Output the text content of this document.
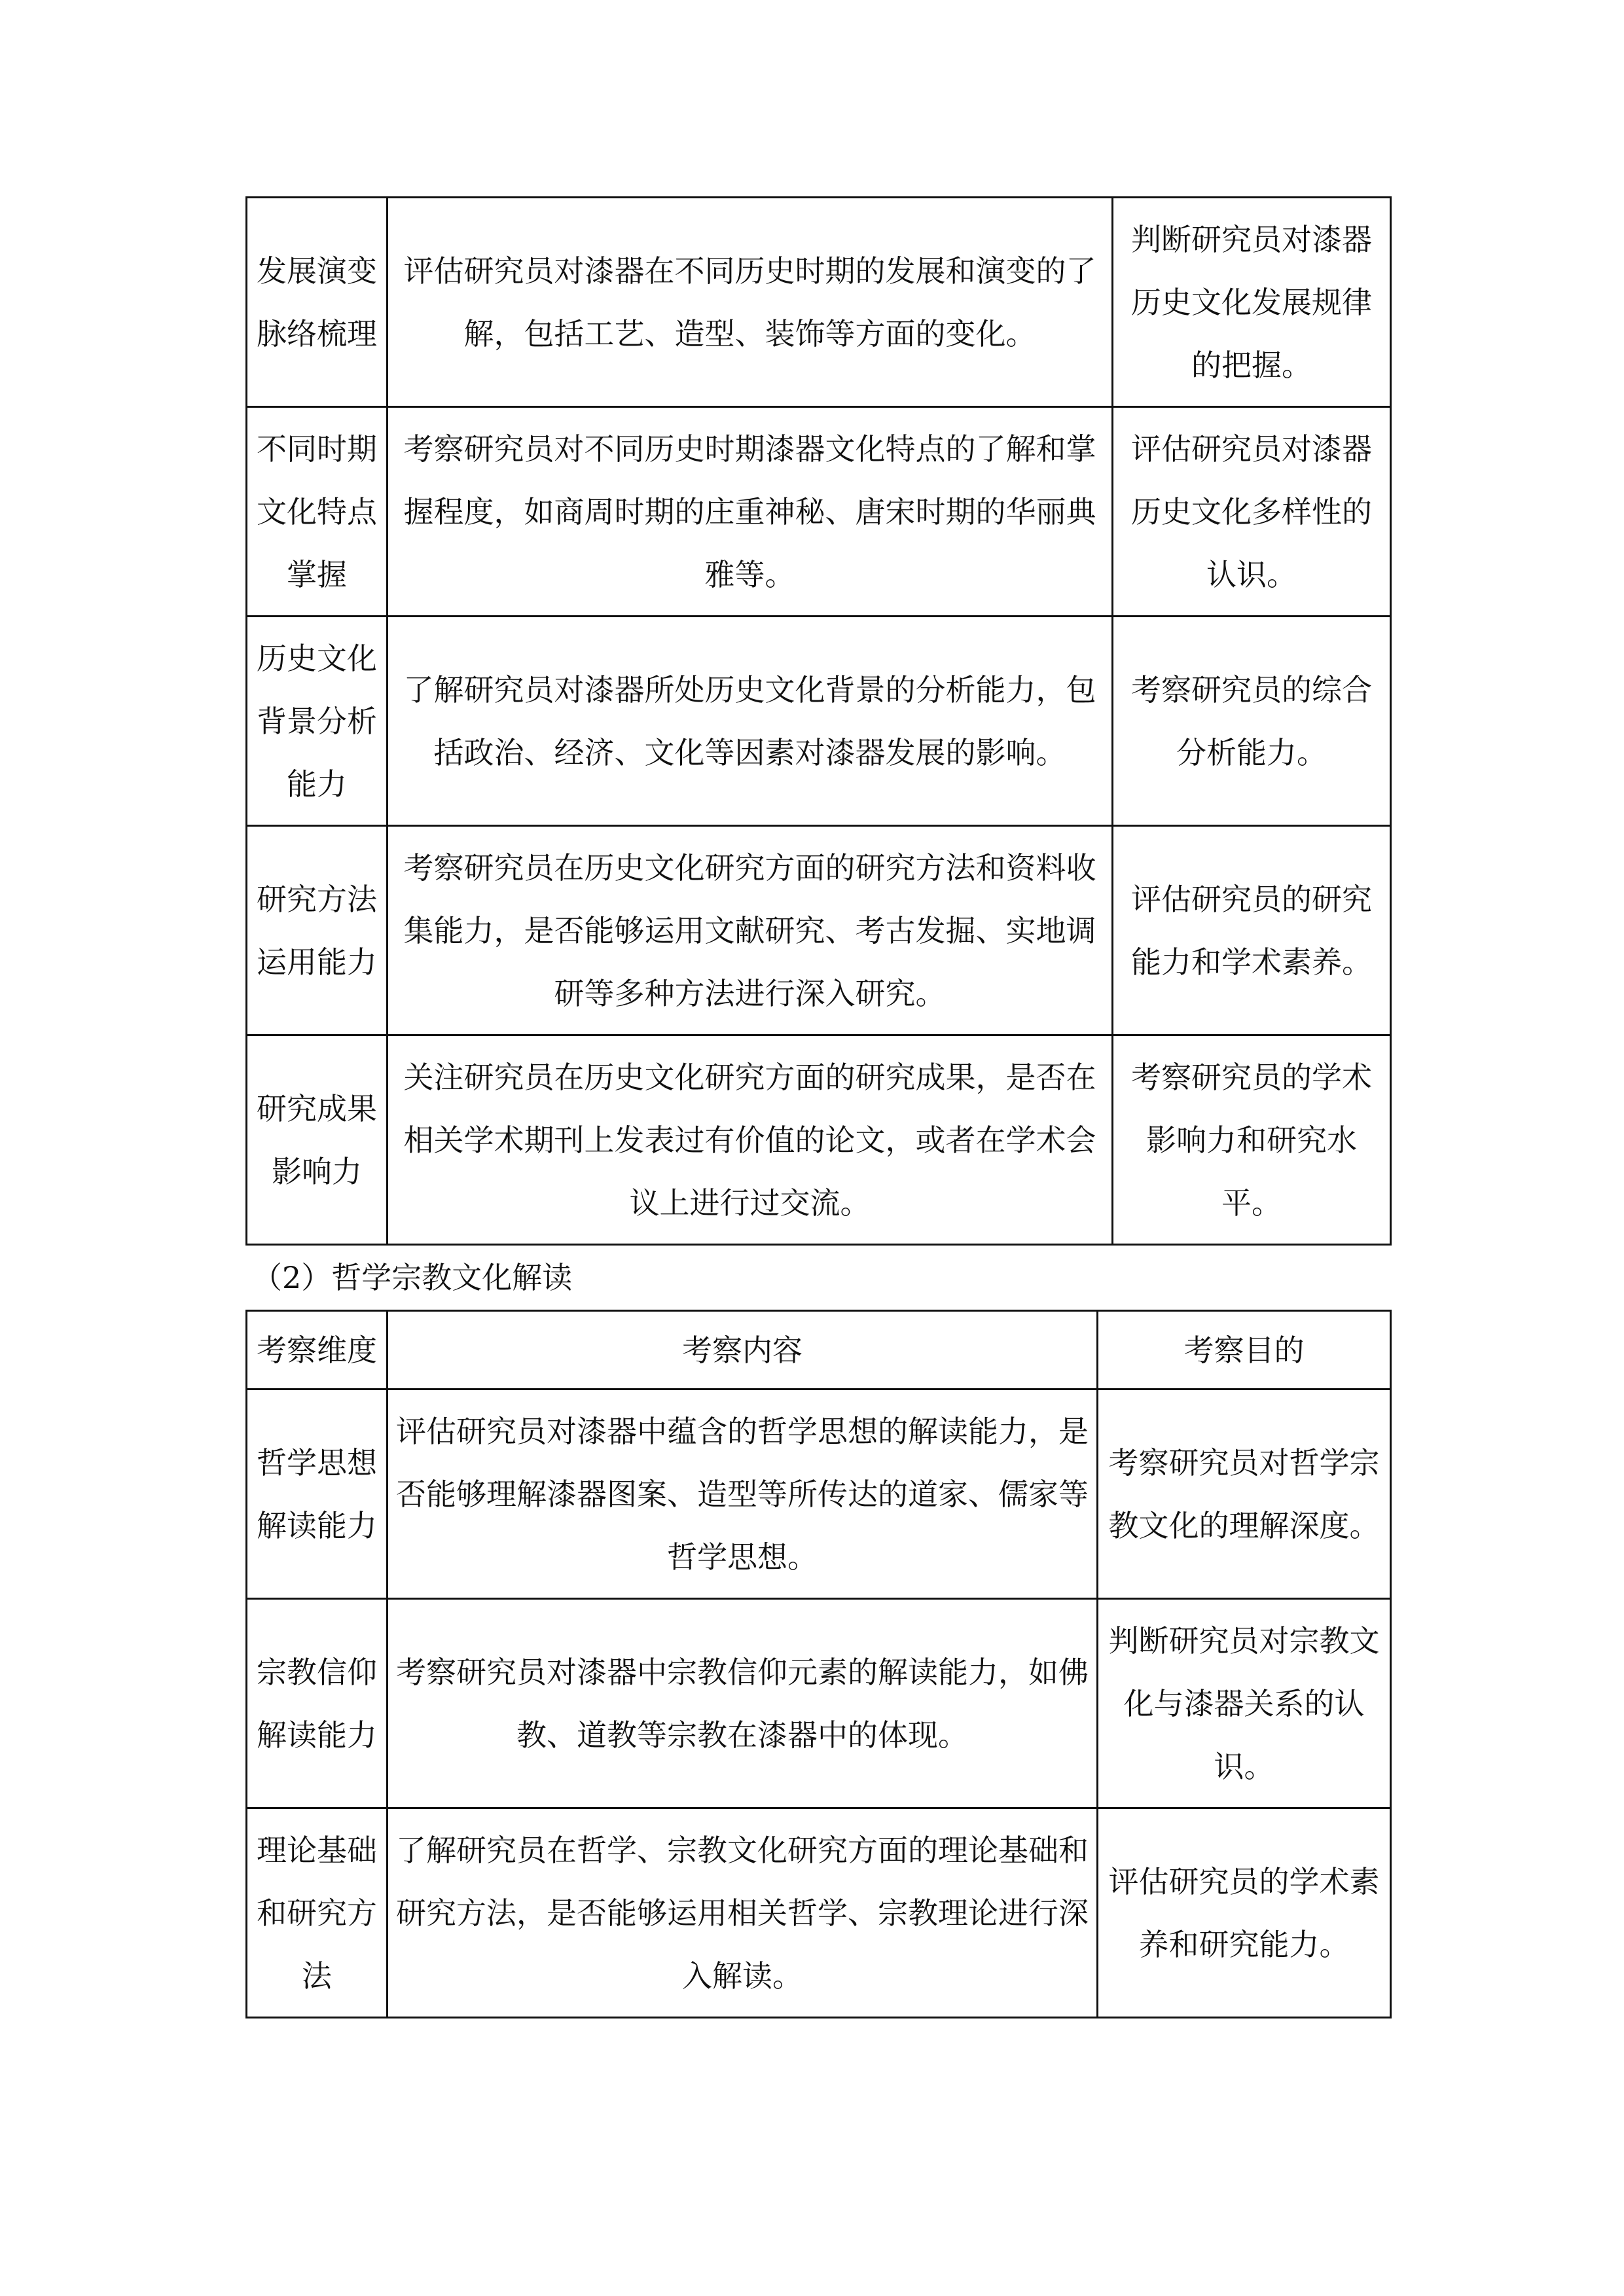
发展演变脉络梳理	评估研究员对漆器在不同历史时期的发展和演变的了解，包括工艺、造型、装饰等方面的变化。	判断研究员对漆器历史文化发展规律的把握。
不同时期文化特点掌握	考察研究员对不同历史时期漆器文化特点的了解和掌握程度，如商周时期的庄重神秘、唐宋时期的华丽典雅等。	评估研究员对漆器历史文化多样性的认识。
历史文化背景分析能力	了解研究员对漆器所处历史文化背景的分析能力，包括政治、经济、文化等因素对漆器发展的影响。	考察研究员的综合分析能力。
研究方法运用能力	考察研究员在历史文化研究方面的研究方法和资料收集能力，是否能够运用文献研究、考古发掘、实地调研等多种方法进行深入研究。	评估研究员的研究能力和学术素养。
研究成果影响力	关注研究员在历史文化研究方面的研究成果，是否在相关学术期刊上发表过有价值的论文，或者在学术会议上进行过交流。	考察研究员的学术影响力和研究水平。
（2）哲学宗教文化解读
考察维度	考察内容	考察目的
哲学思想解读能力	评估研究员对漆器中蕴含的哲学思想的解读能力，是否能够理解漆器图案、造型等所传达的道家、儒家等哲学思想。	考察研究员对哲学宗教文化的理解深度。
宗教信仰解读能力	考察研究员对漆器中宗教信仰元素的解读能力，如佛教、道教等宗教在漆器中的体现。	判断研究员对宗教文化与漆器关系的认识。
理论基础和研究方法	了解研究员在哲学、宗教文化研究方面的理论基础和研究方法，是否能够运用相关哲学、宗教理论进行深入解读。	评估研究员的学术素养和研究能力。
